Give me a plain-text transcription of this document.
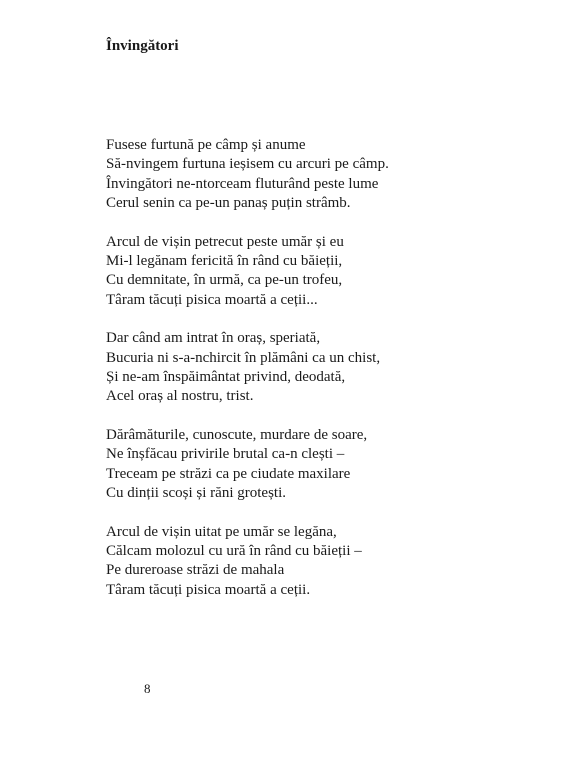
Învingători
Fusese furtună pe câmp și anume
Să-nvingem furtuna ieșisem cu arcuri pe câmp.
Învingători ne-ntorceam fluturând peste lume
Cerul senin ca pe-un panaș puțin strâmb.
Arcul de vișin petrecut peste umăr și eu
Mi-l legănam fericită în rând cu băieții,
Cu demnitate, în urmă, ca pe-un trofeu,
Târam tăcuți pisica moartă a ceții...
Dar când am intrat în oraș, speriată,
Bucuria ni s-a-nchircit în plămâni ca un chist,
Și ne-am înspăimântat privind, deodată,
Acel oraș al nostru, trist.
Dărâmăturile, cunoscute, murdare de soare,
Ne înșfăcau privirile brutal ca-n clești –
Treceam pe străzi ca pe ciudate maxilare
Cu dinții scoși și răni grotești.
Arcul de vișin uitat pe umăr se legăna,
Călcam molozul cu ură în rând cu băieții –
Pe dureroase străzi de mahala
Târam tăcuți pisica moartă a ceții.
8
